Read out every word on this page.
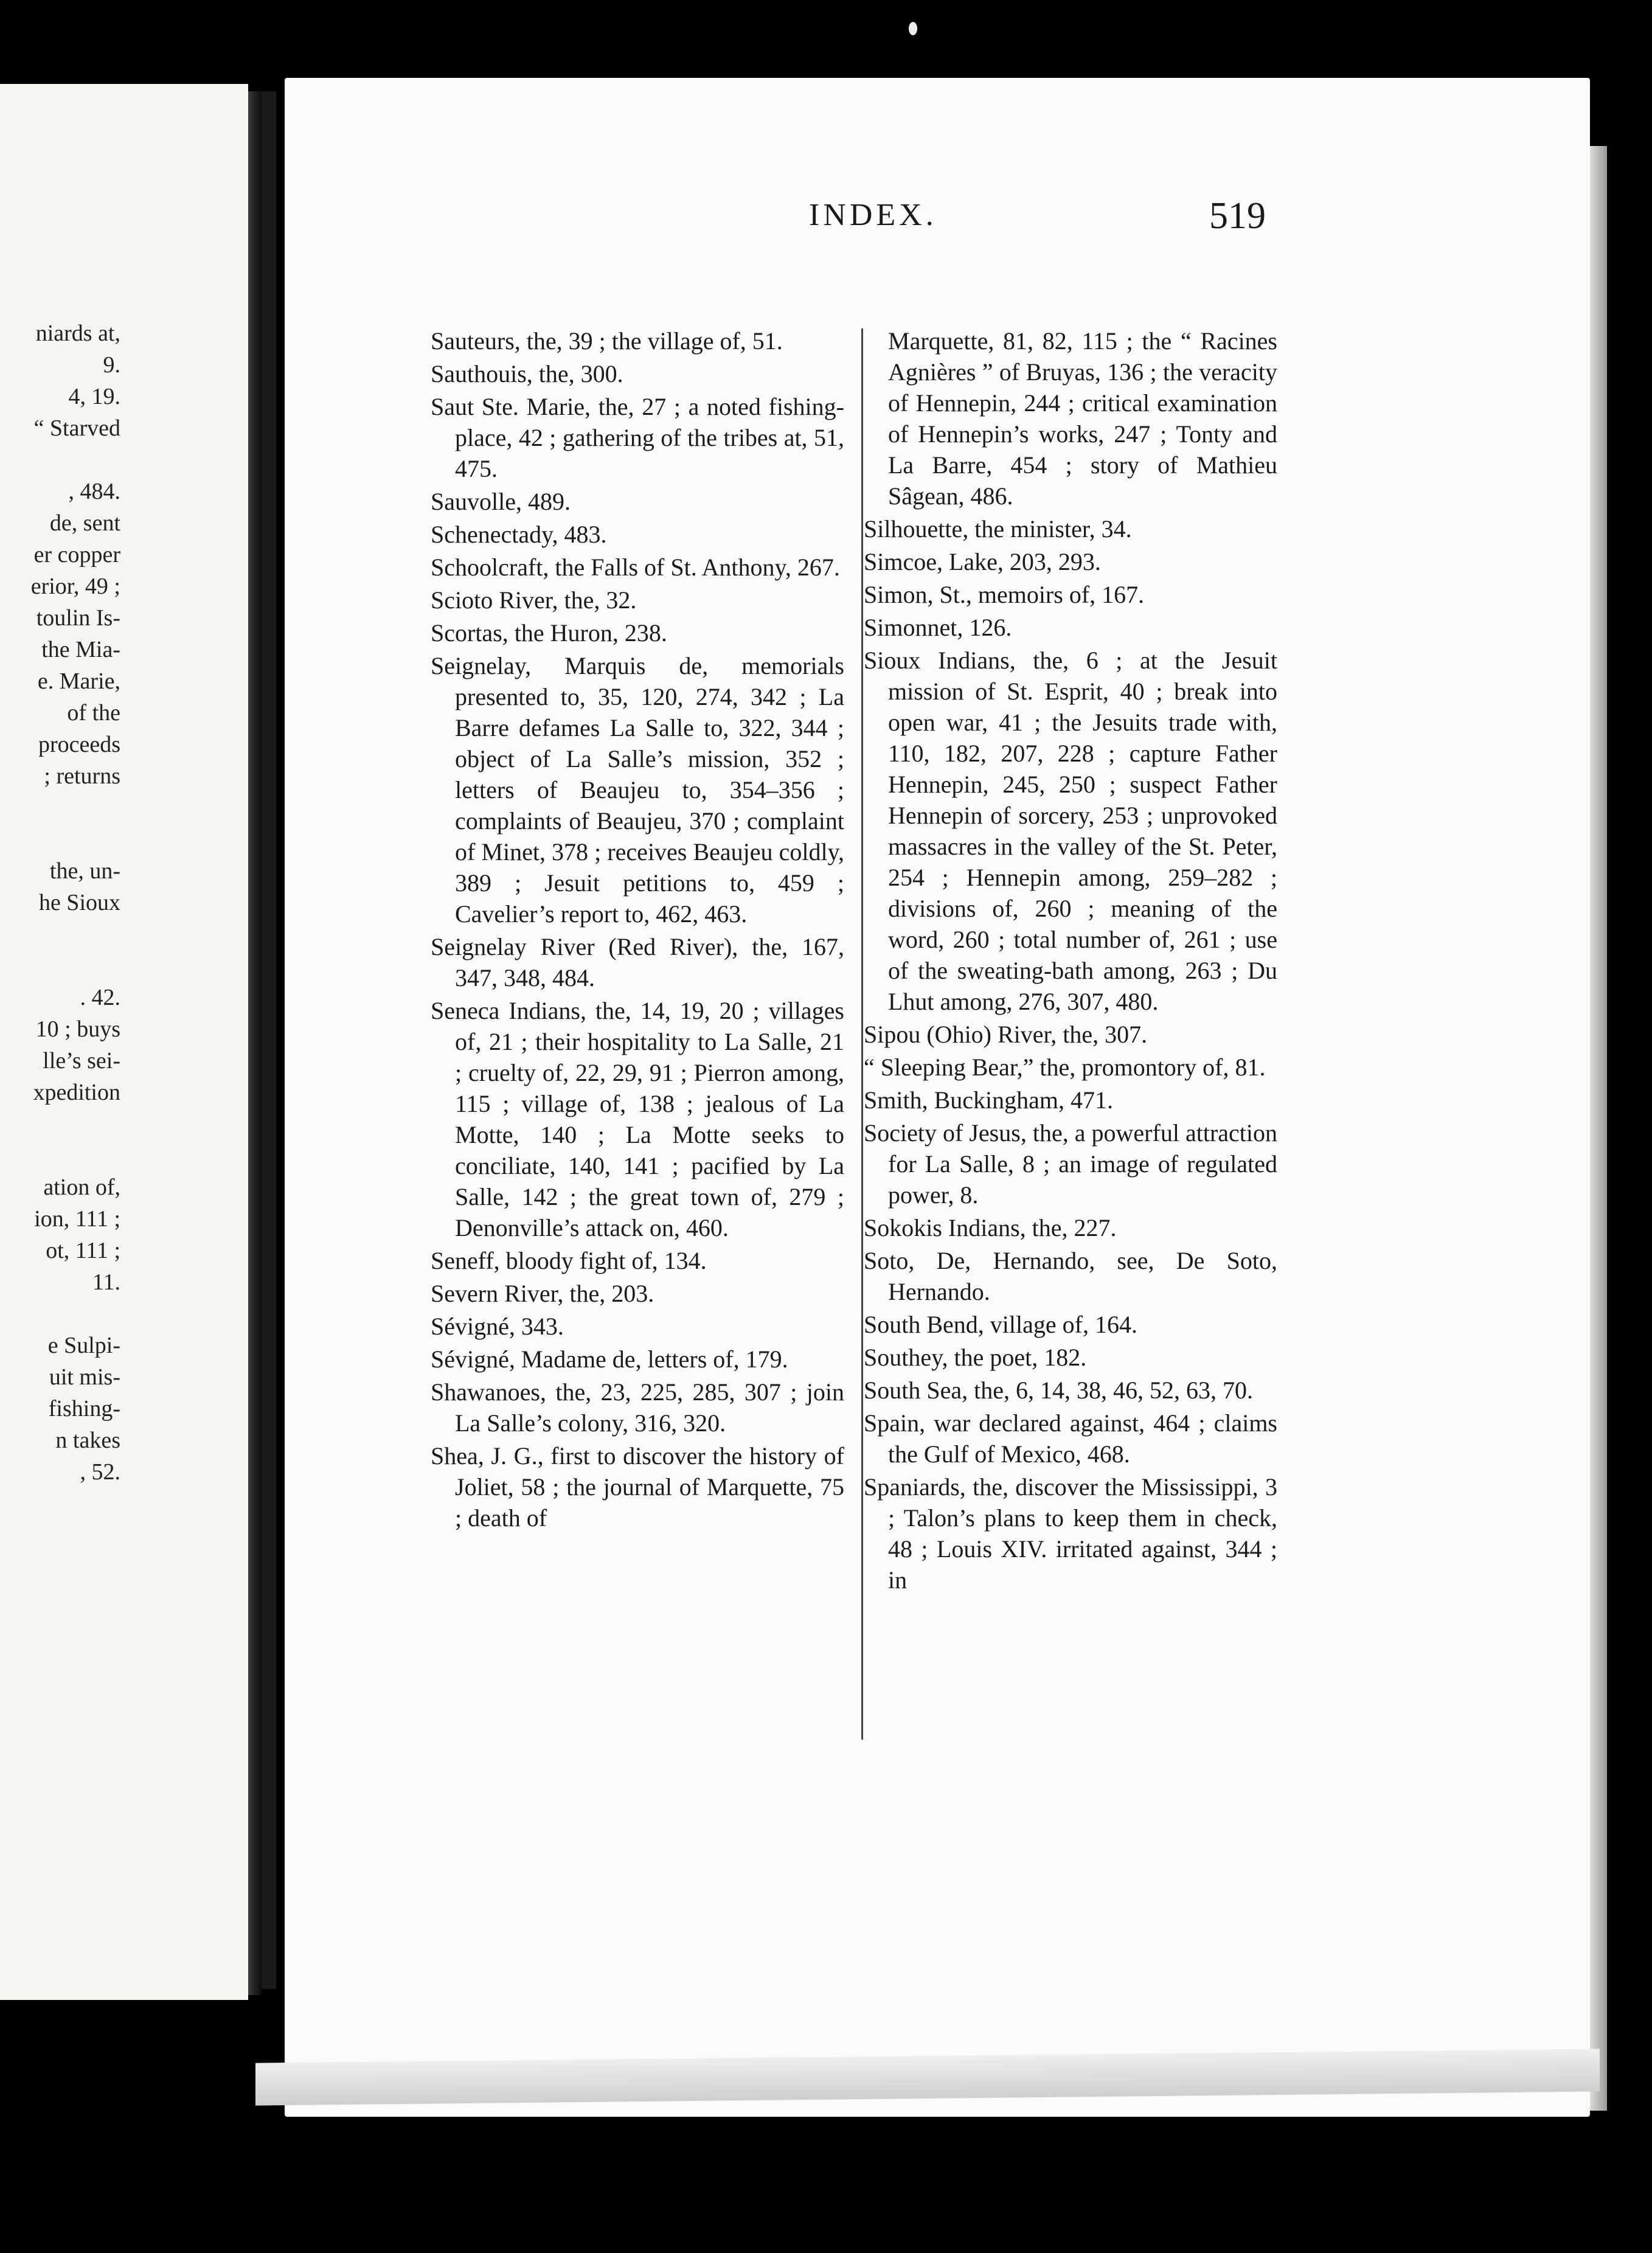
niards at,
9.
4, 19.
“ Starved

, 484.
de, sent
er copper
erior, 49 ;
toulin Is-
the Mia-
e. Marie,
of the
proceeds
; returns

the, un-
he Sioux

. 42.
10 ; buys
lle’s sei-
xpedition

ation of,
ion, 111 ;
ot, 111 ;
11.

e Sulpi-
uit mis-
fishing-
n takes
, 52.
INDEX.	519
Sauteurs, the, 39 ; the village of, 51.
Sauthouis, the, 300.
Saut Ste. Marie, the, 27 ; a noted fishing-place, 42 ; gathering of the tribes at, 51, 475.
Sauvolle, 489.
Schenectady, 483.
Schoolcraft, the Falls of St. Anthony, 267.
Scioto River, the, 32.
Scortas, the Huron, 238.
Seignelay, Marquis de, memorials presented to, 35, 120, 274, 342 ; La Barre defames La Salle to, 322, 344 ; object of La Salle’s mission, 352 ; letters of Beaujeu to, 354–356 ; complaints of Beaujeu, 370 ; complaint of Minet, 378 ; receives Beaujeu coldly, 389 ; Jesuit petitions to, 459 ; Cavelier’s report to, 462, 463.
Seignelay River (Red River), the, 167, 347, 348, 484.
Seneca Indians, the, 14, 19, 20 ; villages of, 21 ; their hospitality to La Salle, 21 ; cruelty of, 22, 29, 91 ; Pierron among, 115 ; village of, 138 ; jealous of La Motte, 140 ; La Motte seeks to conciliate, 140, 141 ; pacified by La Salle, 142 ; the great town of, 279 ; Denonville’s attack on, 460.
Seneff, bloody fight of, 134.
Severn River, the, 203.
Sévigné, 343.
Sévigné, Madame de, letters of, 179.
Shawanoes, the, 23, 225, 285, 307 ; join La Salle’s colony, 316, 320.
Shea, J. G., first to discover the history of Joliet, 58 ; the journal of Marquette, 75 ; death of
Marquette, 81, 82, 115 ; the “ Racines Agnières ” of Bruyas, 136 ; the veracity of Hennepin, 244 ; critical examination of Hennepin’s works, 247 ; Tonty and La Barre, 454 ; story of Mathieu Sâgean, 486.
Silhouette, the minister, 34.
Simcoe, Lake, 203, 293.
Simon, St., memoirs of, 167.
Simonnet, 126.
Sioux Indians, the, 6 ; at the Jesuit mission of St. Esprit, 40 ; break into open war, 41 ; the Jesuits trade with, 110, 182, 207, 228 ; capture Father Hennepin, 245, 250 ; suspect Father Hennepin of sorcery, 253 ; unprovoked massacres in the valley of the St. Peter, 254 ; Hennepin among, 259–282 ; divisions of, 260 ; meaning of the word, 260 ; total number of, 261 ; use of the sweating-bath among, 263 ; Du Lhut among, 276, 307, 480.
Sipou (Ohio) River, the, 307.
“ Sleeping Bear,” the, promontory of, 81.
Smith, Buckingham, 471.
Society of Jesus, the, a powerful attraction for La Salle, 8 ; an image of regulated power, 8.
Sokokis Indians, the, 227.
Soto, De, Hernando, see, De Soto, Hernando.
South Bend, village of, 164.
Southey, the poet, 182.
South Sea, the, 6, 14, 38, 46, 52, 63, 70.
Spain, war declared against, 464 ; claims the Gulf of Mexico, 468.
Spaniards, the, discover the Mississippi, 3 ; Talon’s plans to keep them in check, 48 ; Louis XIV. irritated against, 344 ; in
